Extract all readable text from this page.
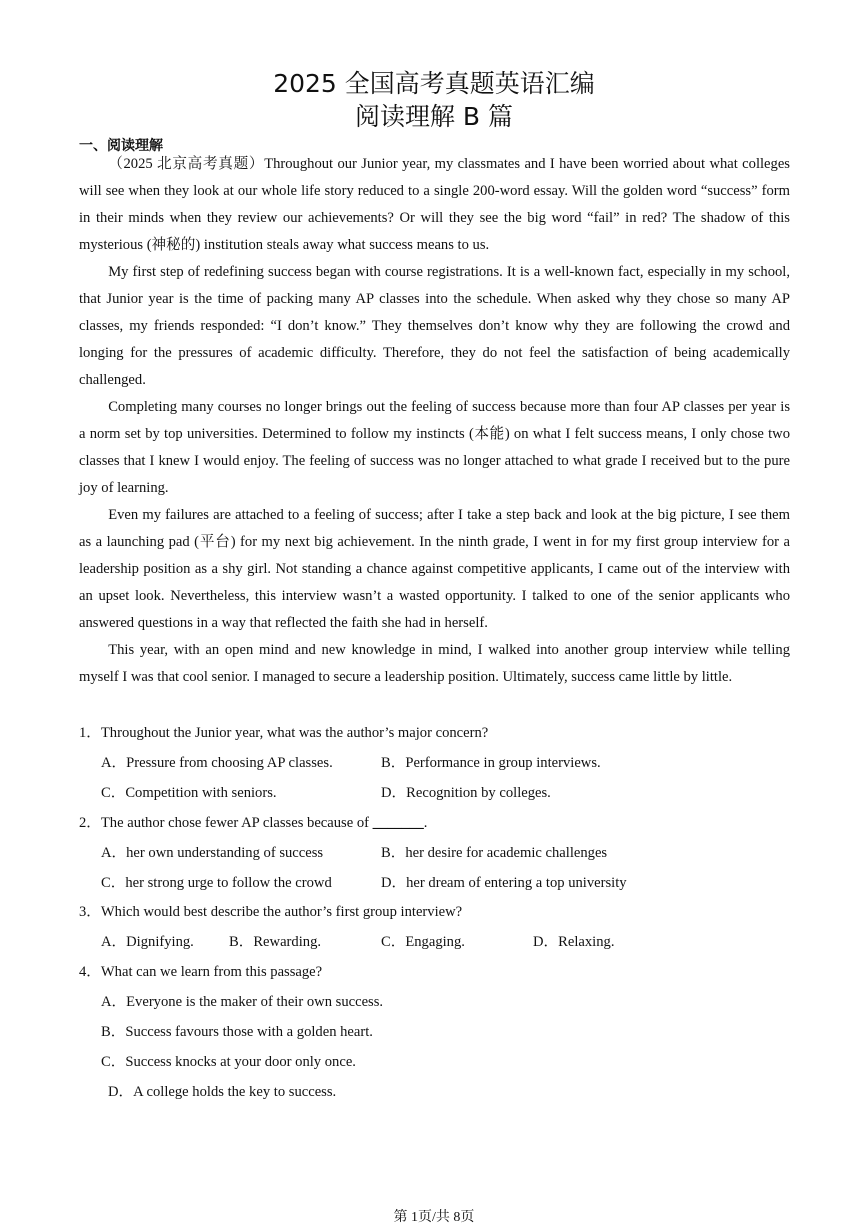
2025 全国高考真题英语汇编
阅读理解 B 篇
一、阅读理解

（2025 北京高考真题）Throughout our Junior year, my classmates and I have been worried about what colleges will see when they look at our whole life story reduced to a single 200-word essay. Will the golden word “success” form in their minds when they review our achievements? Or will they see the big word “fail” in red? The shadow of this mysterious (神秘的) institution steals away what success means to us.

My first step of redefining success began with course registrations. It is a well-known fact, especially in my school, that Junior year is the time of packing many AP classes into the schedule. When asked why they chose so many AP classes, my friends responded: “I don’t know.” They themselves don’t know why they are following the crowd and longing for the pressures of academic difficulty. Therefore, they do not feel the satisfaction of being academically challenged.

Completing many courses no longer brings out the feeling of success because more than four AP classes per year is a norm set by top universities. Determined to follow my instincts (本能) on what I felt success means, I only chose two classes that I knew I would enjoy. The feeling of success was no longer attached to what grade I received but to the pure joy of learning.

Even my failures are attached to a feeling of success; after I take a step back and look at the big picture, I see them as a launching pad (平台) for my next big achievement. In the ninth grade, I went in for my first group interview for a leadership position as a shy girl. Not standing a chance against competitive applicants, I came out of the interview with an upset look. Nevertheless, this interview wasn’t a wasted opportunity. I talked to one of the senior applicants who answered questions in a way that reflected the faith she had in herself.

This year, with an open mind and new knowledge in mind, I walked into another group interview while telling myself I was that cool senior. I managed to secure a leadership position. Ultimately, success came little by little.

1．Throughout the Junior year, what was the author’s major concern?
A．Pressure from choosing AP classes.	B．Performance in group interviews.
C．Competition with seniors.	D．Recognition by colleges.
2．The author chose fewer AP classes because of _______.
A．her own understanding of success	B．her desire for academic challenges
C．her strong urge to follow the crowd	D．her dream of entering a top university
3．Which would best describe the author’s first group interview?
A．Dignifying. B．Rewarding.	C．Engaging.	D．Relaxing.
4．What can we learn from this passage?
A．Everyone is the maker of their own success.
B．Success favours those with a golden heart.
C．Success knocks at your door only once.
D．A college holds the key to success.
第 1页/共 8页
